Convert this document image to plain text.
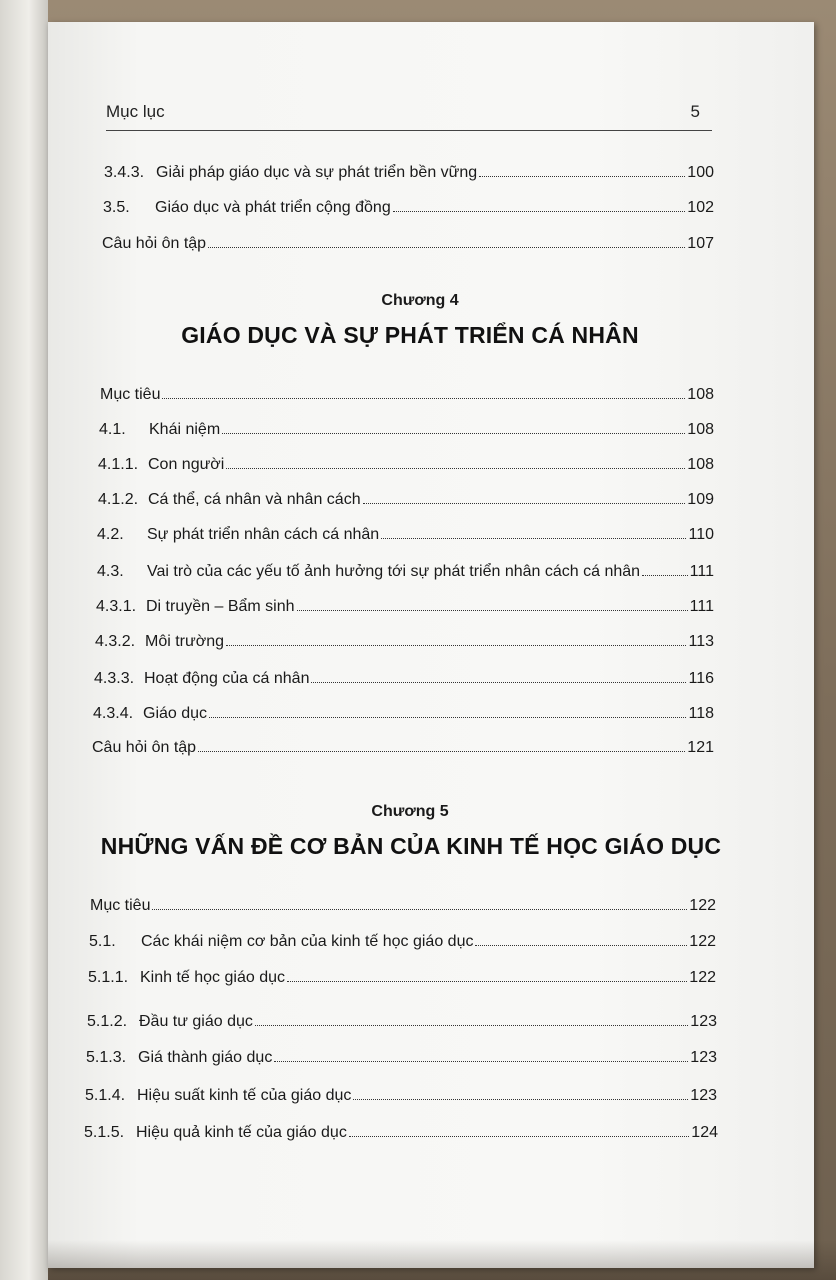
Mục lục	5
3.4.3. Giải pháp giáo dục và sự phát triển bền vững	100
3.5.	Giáo dục và phát triển cộng đồng	102
Câu hỏi ôn tập	107
Chương 4
GIÁO DỤC VÀ SỰ PHÁT TRIỂN CÁ NHÂN
Mục tiêu	108
4.1.	Khái niệm	108
4.1.1. Con người	108
4.1.2. Cá thể, cá nhân và nhân cách	109
4.2.	Sự phát triển nhân cách cá nhân	110
4.3.	Vai trò của các yếu tố ảnh hưởng tới sự phát triển nhân cách cá nhân	111
4.3.1. Di truyền – Bẩm sinh	111
4.3.2. Môi trường	113
4.3.3. Hoạt động của cá nhân	116
4.3.4. Giáo dục	118
Câu hỏi ôn tập	121
Chương 5
NHỮNG VẤN ĐỀ CƠ BẢN CỦA KINH TẾ HỌC GIÁO DỤC
Mục tiêu	122
5.1.	Các khái niệm cơ bản của kinh tế học giáo dục	122
5.1.1. Kinh tế học giáo dục	122
5.1.2. Đầu tư giáo dục	123
5.1.3. Giá thành giáo dục	123
5.1.4. Hiệu suất kinh tế của giáo dục	123
5.1.5. Hiệu quả kinh tế của giáo dục	124
